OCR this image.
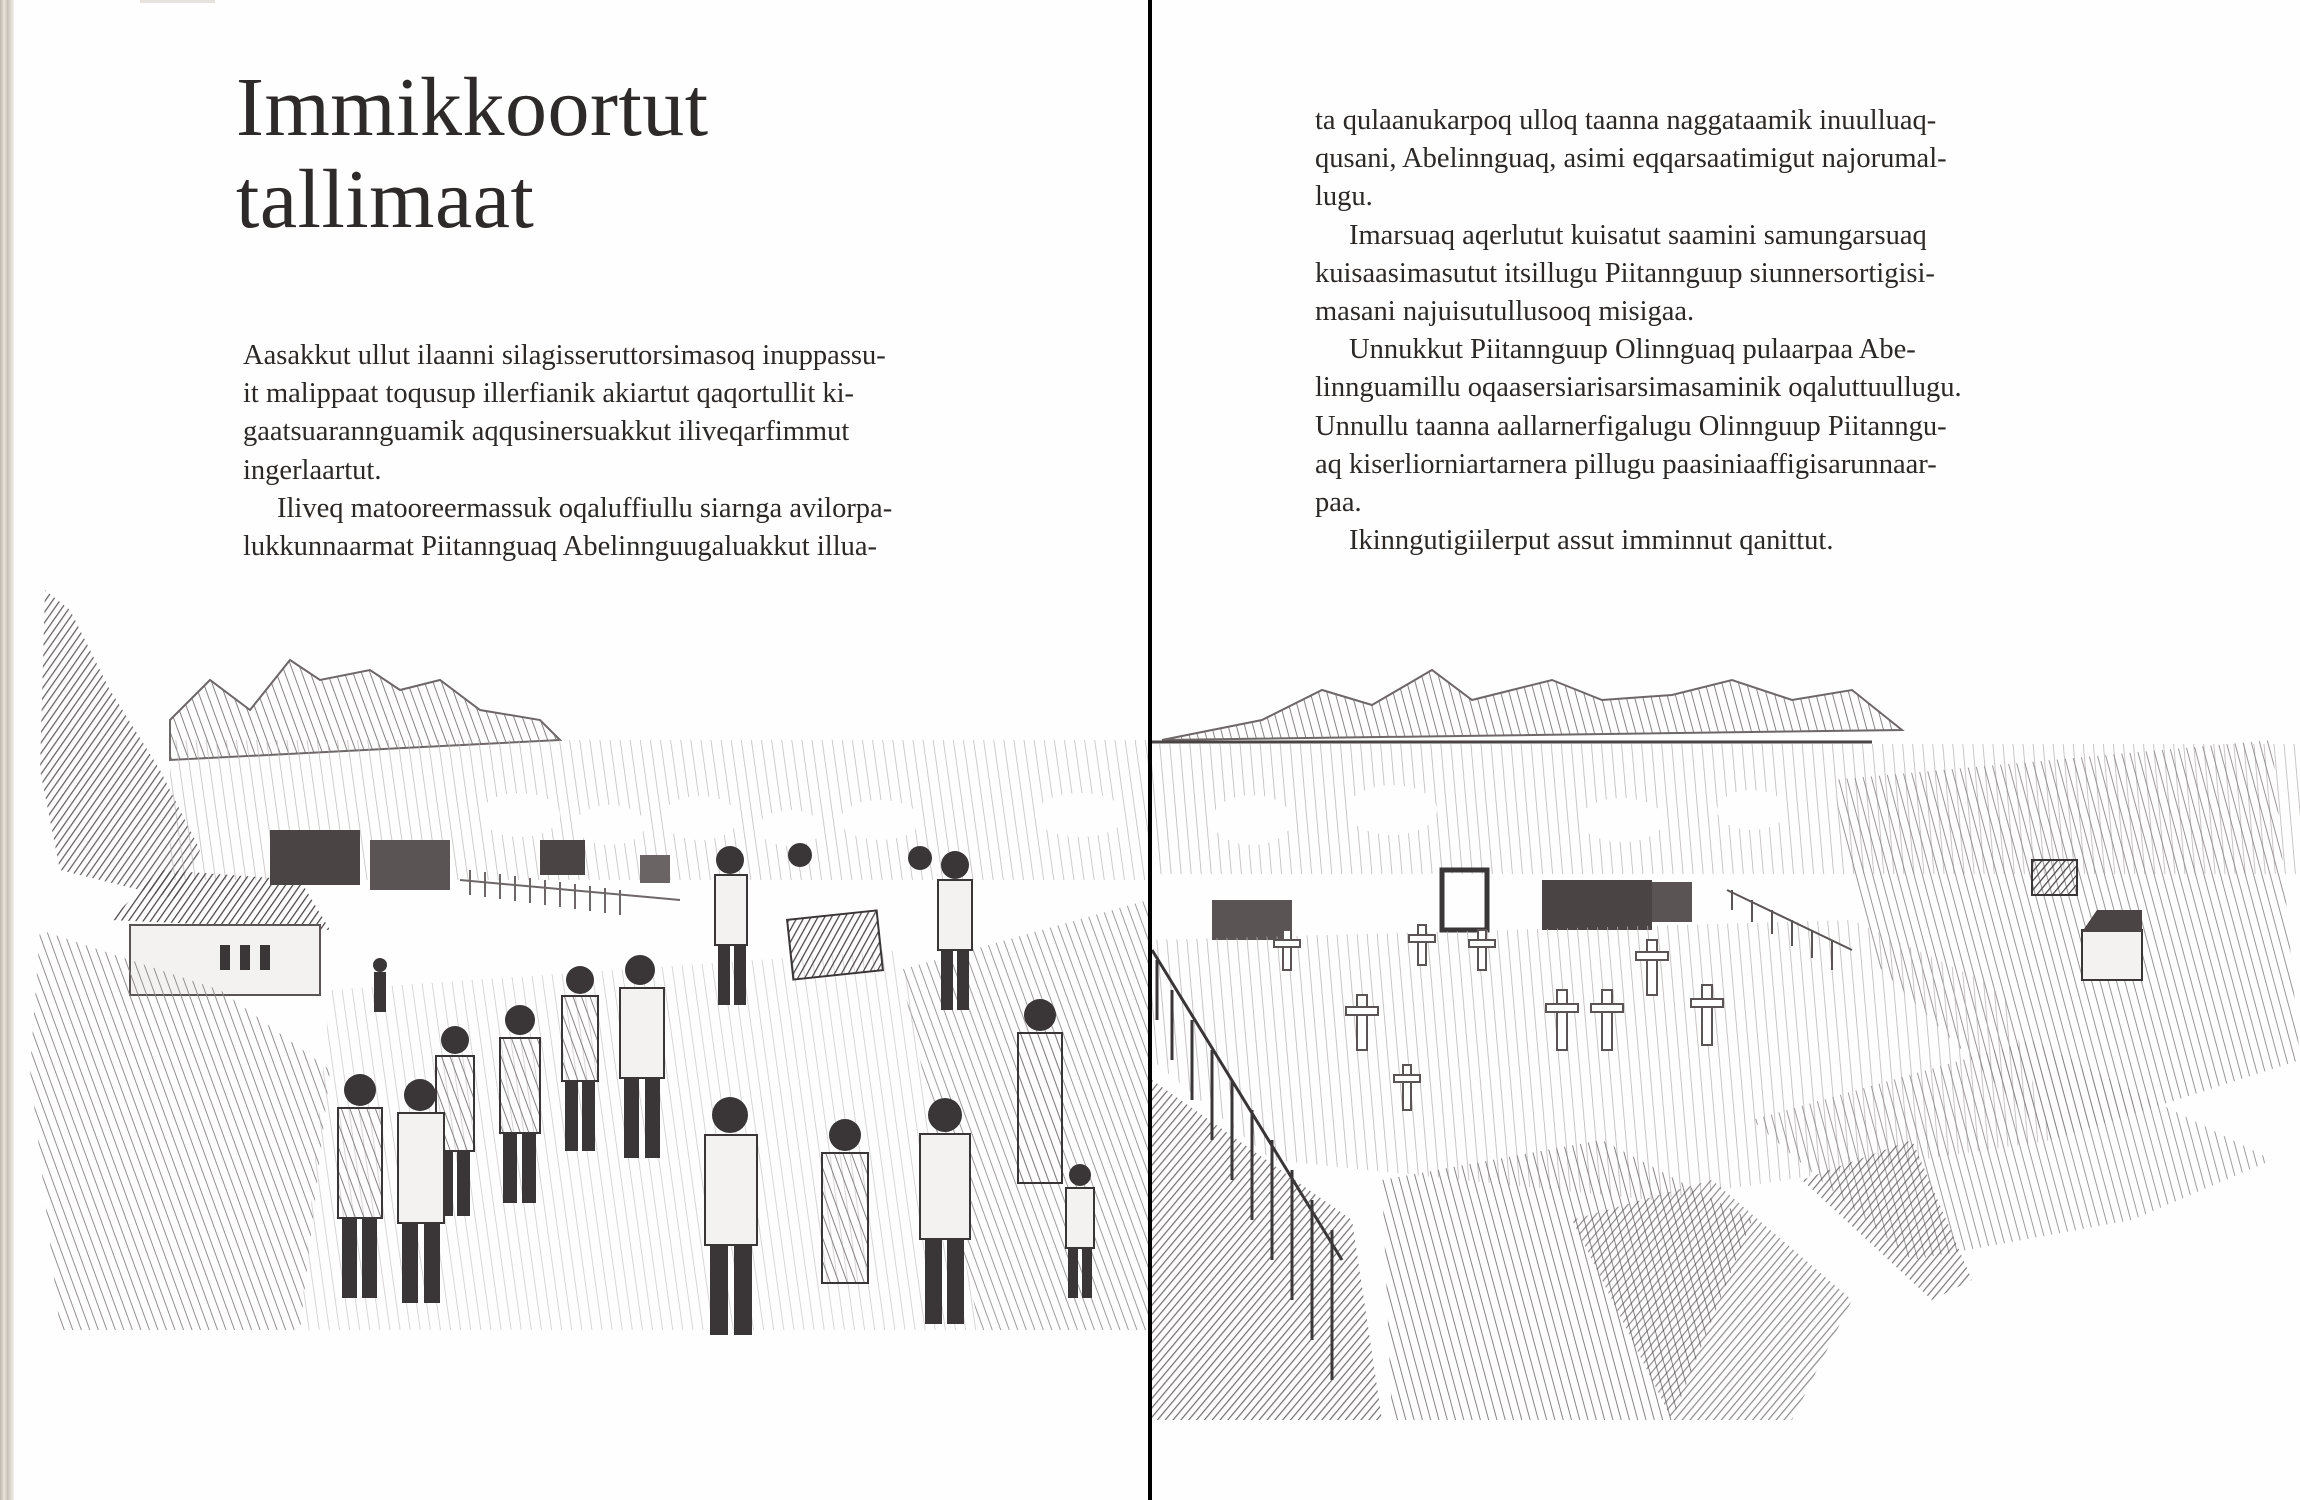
Immikkoortut
tallimaat

Aasakkut ullut ilaanni silagisseruttorsimasoq inuppassu-
it malippaat toqusup illerfianik akiartut qaqortullit ki-
gaatsuarannguamik aqqusinersuakkut iliveqarfimmut
ingerlaartut.

Iliveq matooreermassuk oqaluffiullu siarnga avilorpa-
lukkunnaarmat Piitannguaq Abelinnguugaluakkut illua-

ta qulaanukarpoq ulloq taanna naggataamik inuulluaq-
qusani, Abelinnguaq, asimi eqqarsaatimigut najorumal-
lugu.

Imarsuaq aqerlutut kuisatut saamini samungarsuaq
kuisaasimasutut itsillugu Piitannguup siunnersortigisi-
masani najuisutullusooq misigaa.

Unnukkut Piitannguup Olinnguaq pulaarpaa Abe-
linnguamillu oqaasersiarisarsimasaminik oqaluttuullugu.
Unnullu taanna aallarnerfigalugu Olinnguup Piitanngu-
aq kiserliorniartarnera pillugu paasiniaaffigisarunnaar-
paa.

Ikinngutigiilerput assut imminnut qanittut.
